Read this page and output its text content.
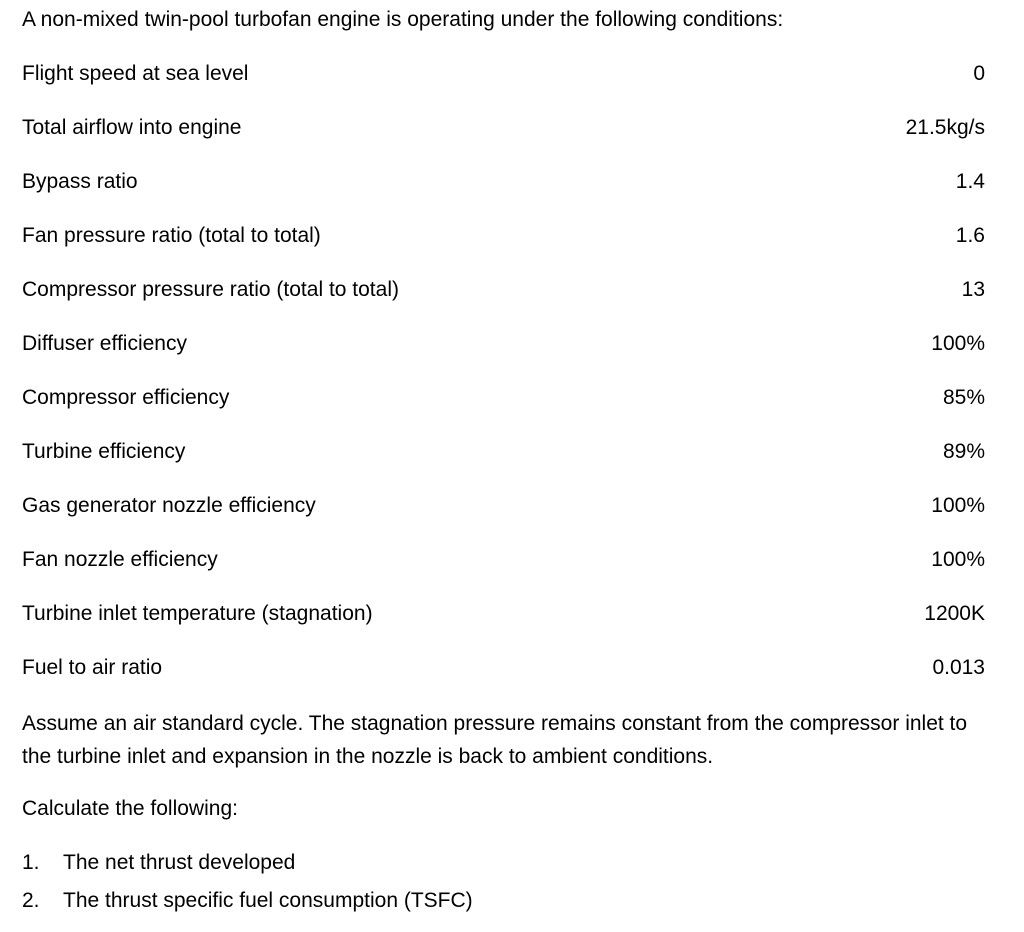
A non-mixed twin-pool turbofan engine is operating under the following conditions:
Flight speed at sea level	0
Total airflow into engine	21.5kg/s
Bypass ratio	1.4
Fan pressure ratio (total to total)	1.6
Compressor pressure ratio (total to total)	13
Diffuser efficiency	100%
Compressor efficiency	85%
Turbine efficiency	89%
Gas generator nozzle efficiency	100%
Fan nozzle efficiency	100%
Turbine inlet temperature (stagnation)	1200K
Fuel to air ratio	0.013
Assume an air standard cycle. The stagnation pressure remains constant from the compressor inlet to the turbine inlet and expansion in the nozzle is back to ambient conditions.
Calculate the following:
1.	The net thrust developed
2.	The thrust specific fuel consumption (TSFC)
